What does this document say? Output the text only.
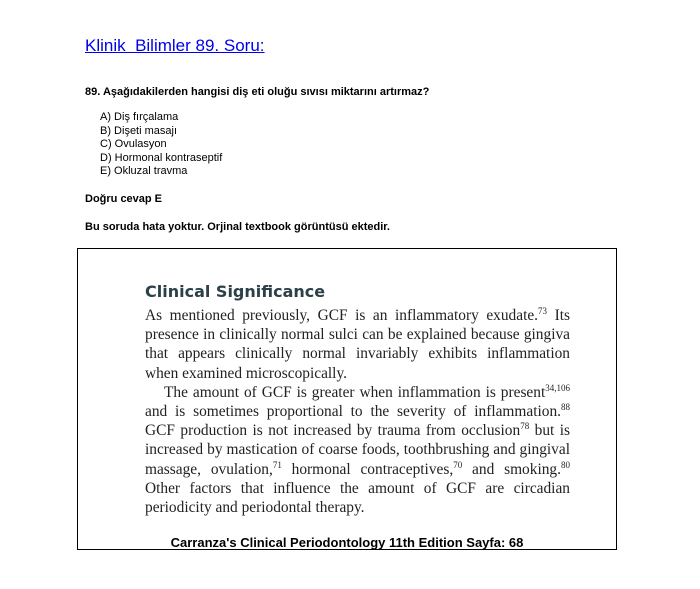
Klinik  Bilimler 89. Soru:
89. Aşağıdakilerden hangisi diş eti oluğu sıvısı miktarını artırmaz?
A) Diş fırçalama
B) Dişeti masajı
C) Ovulasyon
D) Hormonal kontraseptif
E) Okluzal travma
Doğru cevap E
Bu soruda hata yoktur. Orjinal textbook görüntüsü ektedir.
Clinical Significance

As mentioned previously, GCF is an inflammatory exudate.$^{73}$ Its presence in clinically normal sulci can be explained because gingiva that appears clinically normal invariably exhibits inflammation when examined microscopically.

The amount of GCF is greater when inflammation is present$^{34,106}$ and is sometimes proportional to the severity of inflammation.$^{88}$ GCF production is not increased by trauma from occlusion$^{78}$ but is increased by mastication of coarse foods, toothbrushing and gingival massage, ovulation,$^{71}$ hormonal contraceptives,$^{70}$ and smoking.$^{80}$ Other factors that influence the amount of GCF are circadian periodicity and periodontal therapy.

Carranza's Clinical Periodontology 11th Edition Sayfa: 68
